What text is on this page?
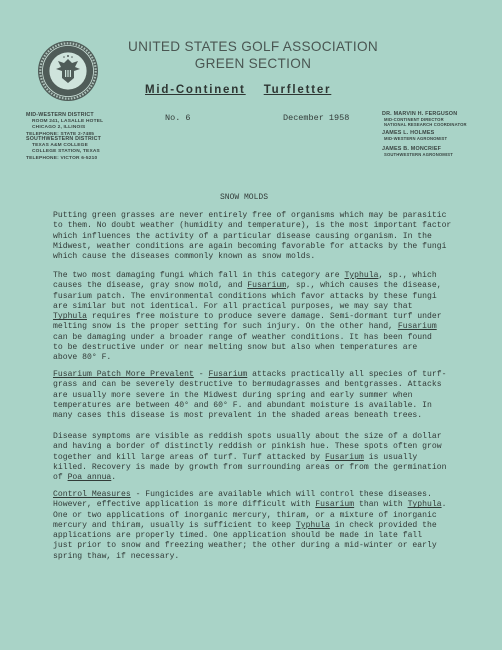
UNITED STATES GOLF ASSOCIATION
GREEN SECTION
Mid-Continent Turfletter
MID-WESTERN DISTRICT
ROOM 241, LASALLE HOTEL
CHICAGO 2, ILLINOIS
TELEPHONE: STATE 2-7485
SOUTHWESTERN DISTRICT
TEXAS A&M COLLEGE
COLLEGE STATION, TEXAS
TELEPHONE: VICTOR 6-5210
No. 6	December 1958	DR. MARVIN H. FERGUSON
MID-CONTINENT DIRECTOR
NATIONAL RESEARCH COORDINATOR
JAMES L. HOLMES
MID-WESTERN AGRONOMIST
JAMES B. MONCRIEF
SOUTHWESTERN AGRONOMIST
SNOW MOLDS
Putting green grasses are never entirely free of organisms which may be parasitic
to them. No doubt weather (humidity and temperature), is the most important factor
which influences the activity of a particular disease causing organism. In the
Midwest, weather conditions are again becoming favorable for attacks by the fungi
which cause the diseases commonly known as snow molds.
The two most damaging fungi which fall in this category are Typhula, sp., which
causes the disease, gray snow mold, and Fusarium, sp., which causes the disease,
fusarium patch. The environmental conditions which favor attacks by these fungi
are similar but not identical. For all practical purposes, we may say that
Typhula requires free moisture to produce severe damage. Semi-dormant turf under
melting snow is the proper setting for such injury. On the other hand, Fusarium
can be damaging under a broader range of weather conditions. It has been found
to be destructive under or near melting snow but also when temperatures are
above 80° F.
Fusarium Patch More Prevalent - Fusarium attacks practically all species of turf-
grass and can be severely destructive to bermudagrasses and bentgrasses. Attacks
are usually more severe in the Midwest during spring and early summer when
temperatures are between 40° and 60° F. and abundant moisture is available. In
many cases this disease is most prevalent in the shaded areas beneath trees.
Disease symptoms are visible as reddish spots usually about the size of a dollar
and having a border of distinctly reddish or pinkish hue. These spots often grow
together and kill large areas of turf. Turf attacked by Fusarium is usually
killed. Recovery is made by growth from surrounding areas or from the germination
of Poa annua.
Control Measures - Fungicides are available which will control these diseases.
However, effective application is more difficult with Fusarium than with Typhula.
One or two applications of inorganic mercury, thiram, or a mixture of inorganic
mercury and thiram, usually is sufficient to keep Typhula in check provided the
applications are properly timed. One application should be made in late fall
just prior to snow and freezing weather; the other during a mid-winter or early
spring thaw, if necessary.
